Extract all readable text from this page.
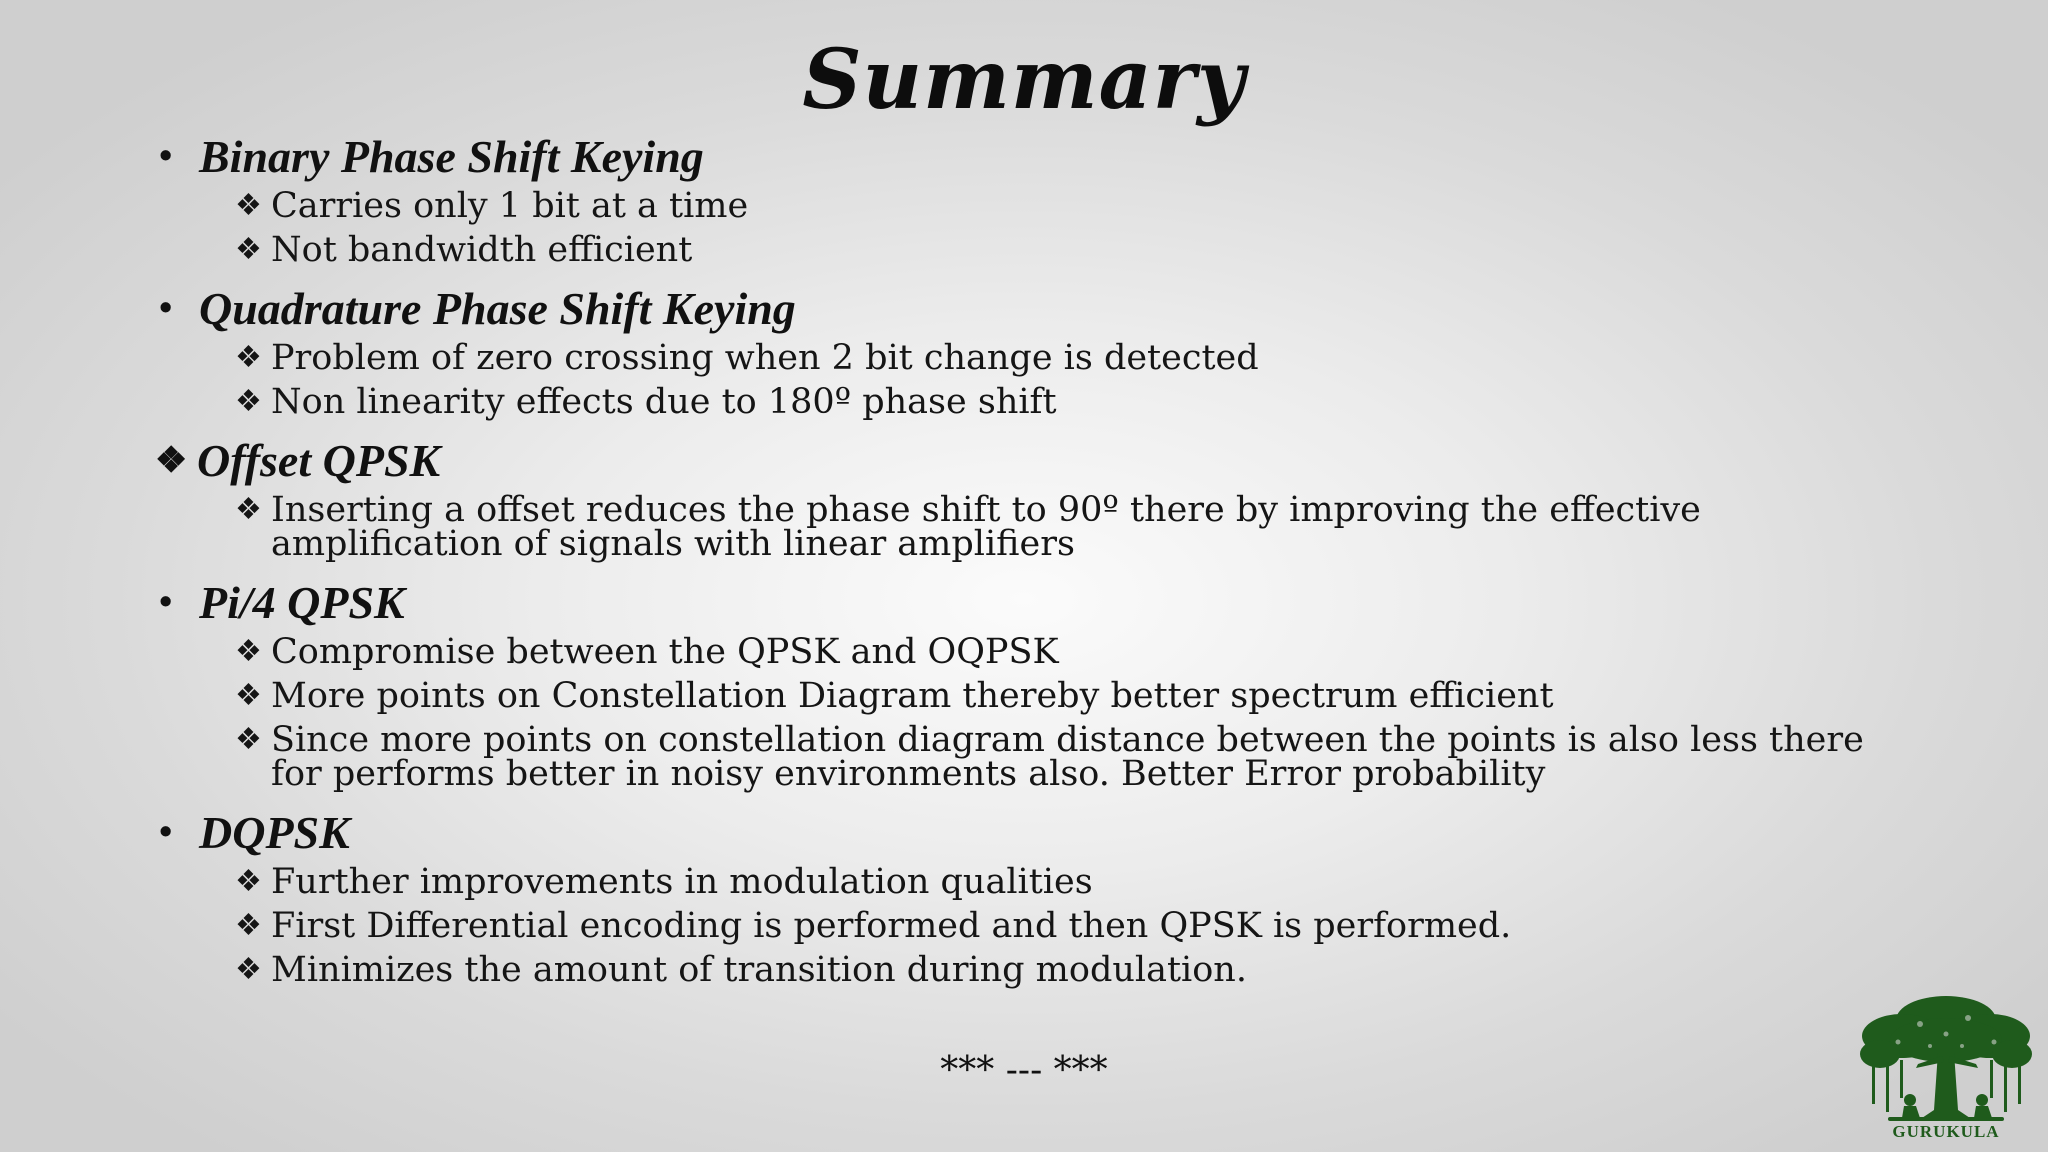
Summary
• Binary Phase Shift Keying
❖ Carries only 1 bit at a time
❖ Not bandwidth efficient
• Quadrature Phase Shift Keying
❖ Problem of zero crossing when 2 bit change is detected
❖ Non linearity effects due to 180º phase shift
❖ Offset QPSK
❖ Inserting a offset reduces the phase shift to 90º there by improving the effective amplification of signals with linear amplifiers
• Pi/4 QPSK
❖ Compromise between the QPSK and OQPSK
❖ More points on Constellation Diagram thereby better spectrum efficient
❖ Since more points on constellation diagram distance between the points is also less there for performs better in noisy environments also. Better Error probability
• DQPSK
❖ Further improvements in modulation qualities
❖ First Differential encoding is performed and then QPSK is performed.
❖ Minimizes the amount of transition during modulation.
*** --- ***
GURUKULA
